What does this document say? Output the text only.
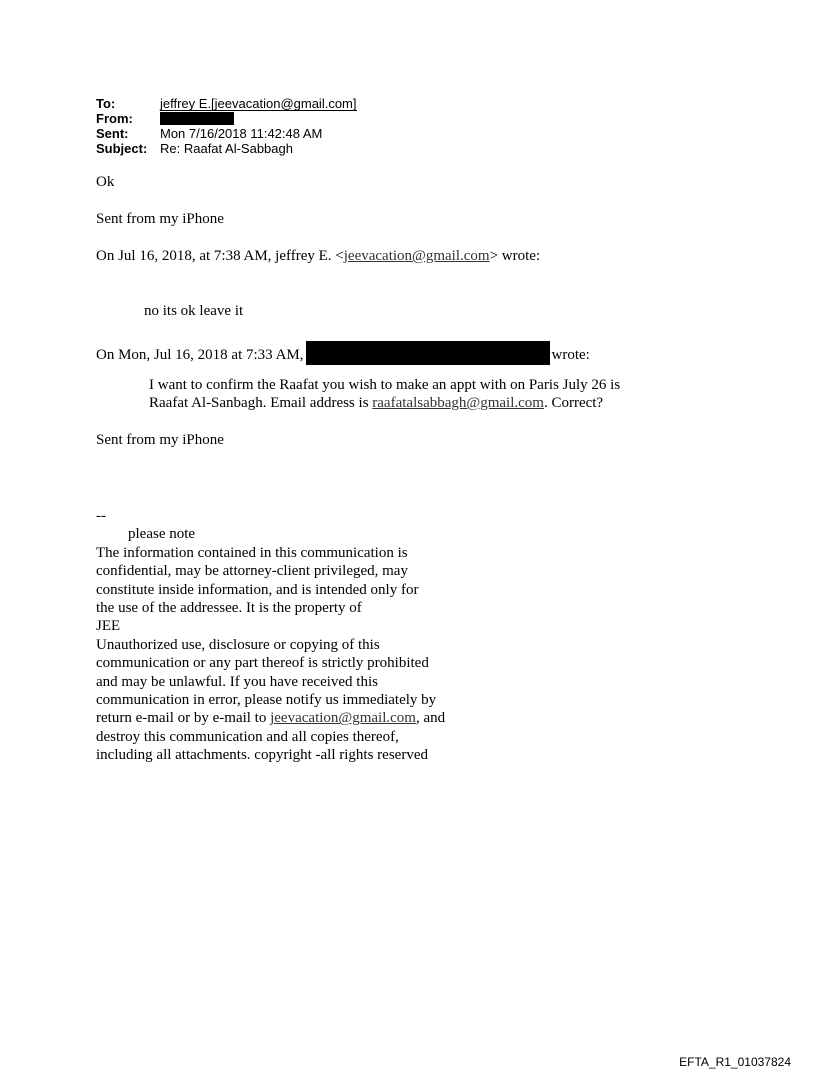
To:	jeffrey E.[jeevacation@gmail.com]
From:
Sent:	Mon 7/16/2018 11:42:48 AM
Subject: Re: Raafat Al-Sabbagh
Ok
Sent from my iPhone
On Jul 16, 2018, at 7:38 AM, jeffrey E. <jeevacation@gmail.com> wrote:
no its ok leave it
On Mon, Jul 16, 2018 at 7:33 AM,	wrote:
I want to confirm the Raafat you wish to make an appt with on Paris July 26 is
Raafat Al-Sanbagh. Email address is raafatalsabbagh@gmail.com. Correct?
Sent from my iPhone
--
please note
The information contained in this communication is
confidential, may be attorney-client privileged, may
constitute inside information, and is intended only for
the use of the addressee. It is the property of
JEE
Unauthorized use, disclosure or copying of this
communication or any part thereof is strictly prohibited
and may be unlawful. If you have received this
communication in error, please notify us immediately by
return e-mail or by e-mail to jeevacation@gmail.com, and
destroy this communication and all copies thereof,
including all attachments. copyright -all rights reserved
EFTA_R1_01037824
